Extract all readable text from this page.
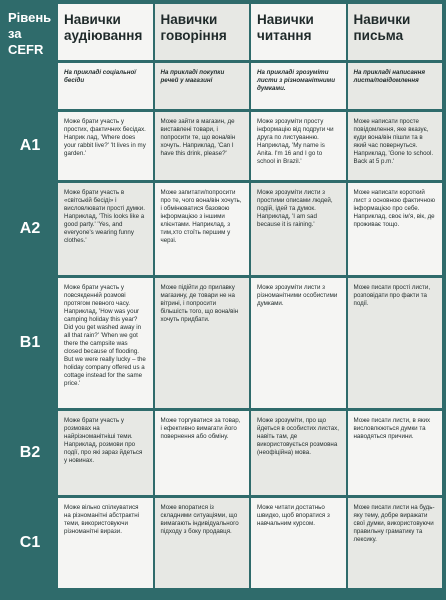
Рівень за CEFR
Навички аудіювання
Навички говоріння
Навички читання
Навички письма
На прикладі соціальної бесіди
На прикладі покупки речей у магазині
На прикладі зрозуміти листи з різноманітними думками.
На прикладі написання листа/повідомлення
A1
Може брати участь у простих, фактичних бесідах. Наприк лад, 'Where does your rabbit live?' 'It lives in my garden.'
Може зайти в магазин, де виставлені товари, і попросити те, що вона/він хочуть. Наприклад, 'Can I have this drink, please?'
Може зрозуміти просту інформацію від подруги чи друга по листуванню. Наприклад, 'My name is Anita. I'm 16 and I go to school in Brazil.'
Може написати просте повідомлення, яке вказує, куди вона/він пішли та в який час повернуться. Наприклад, 'Gone to school. Back at 5 p.m.'
A2
Може брати участь в «світській бесіді» і висловлювати прості думки. Наприклад, 'This looks like a good party.' 'Yes, and everyone's wearing funny clothes.'
Може запитати/попросити про те, чого вона/він хочуть, і обмінюватися базовою інформацією з іншими клієнтами. Наприклад, з тим,хто стоїть першим у черзі.
Може зрозуміти листи з простими описами людей, подій, ідей та думок. Наприклад, 'I am sad because it is raining.'
Може написати короткий лист з основною фактичною інформацією про себе. Наприклад, своє ім'я, вік, де проживає тощо.
B1
Може брати участь у повсякденній розмові протягом певного часу. Наприклад, 'How was your camping holiday this year? Did you get washed away in all that rain?' 'When we got there the campsite was closed because of flooding. But we were really lucky – the holiday company offered us a cottage instead for the same price.'
Може підійти до прилавку магазину, де товари не на вітрині, і попросити більшість того, що вона/він хочуть придбати.
Може зрозуміти листи з різноманітними особистими думками.
Може писати прості листи, розповідати про факти та події.
B2
Може брати участь у розмовах на найрізноманітніші теми. Наприклад, розмови про події, про які зараз йдеться у новинах.
Може торгуватися за товар, і ефективно вимагати його повернення або обміну.
Може зрозуміти, про що йдеться в особистих листах, навіть там, де використовується розмовна (неофіційна) мова.
Може писати листи, в яких висловлюються думки та наводяться причини.
C1
Може вільно спілкуватися на різноманітні абстрактні теми, використовуючи різноманітні вирази.
Може впоратися із складними ситуаціями, що вимагають індивідуального підходу з боку продавця.
Може читати достатньо швидко, щоб впоратися з навчальним курсом.
Може писати листи на будь-яку тему, добре виражати свої думки, використовуючи правильну граматику та лексику.
